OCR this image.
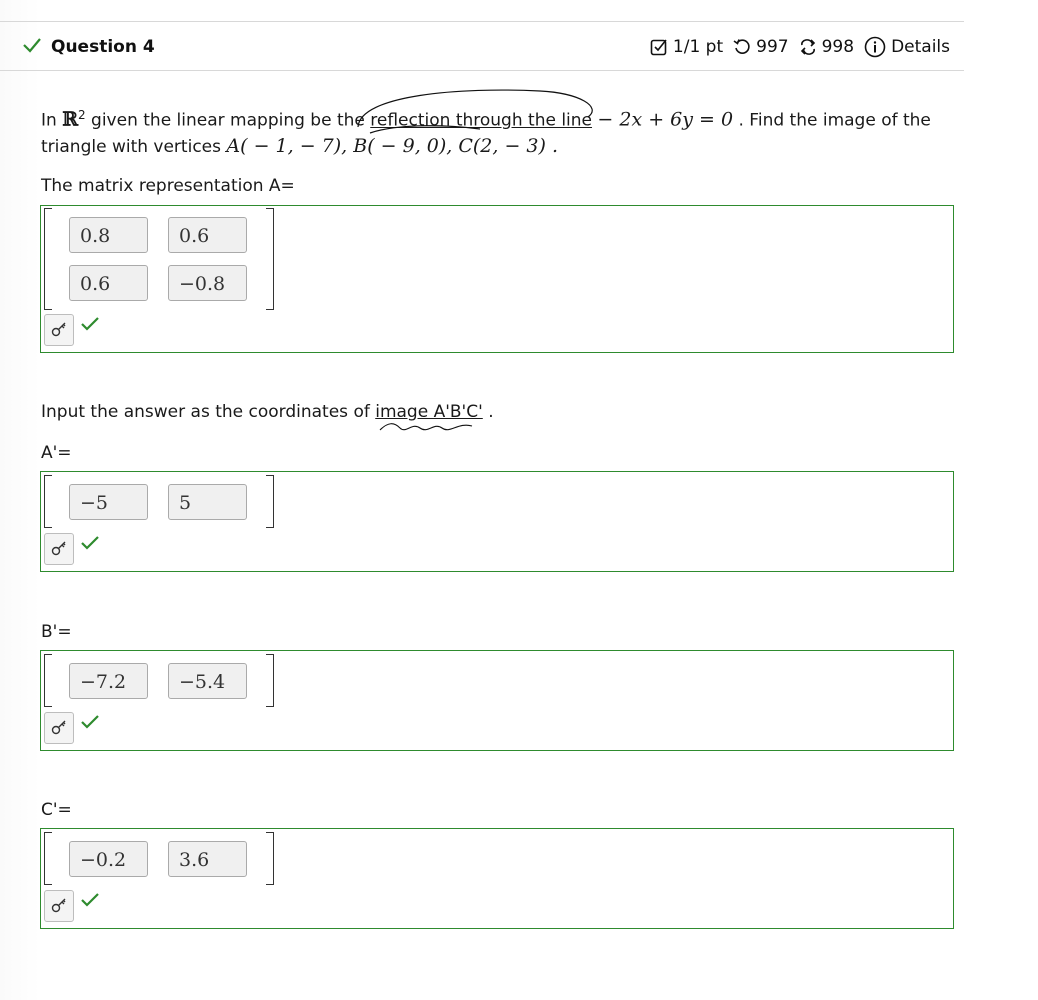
Question 4	1/1 pt 997 998 Details
In ℝ$^2$ given the linear mapping be the reflection through the line − 2x + 6y = 0 . Find the image of the
triangle with vertices A( − 1, − 7), B( − 9, 0), C(2, − 3) .
The matrix representation A=
0.8	0.6
0.6	−0.8
Input the answer as the coordinates of image A'B'C' .
A'=
−5	5
B'=
−7.2	−5.4
C'=
−0.2	3.6
